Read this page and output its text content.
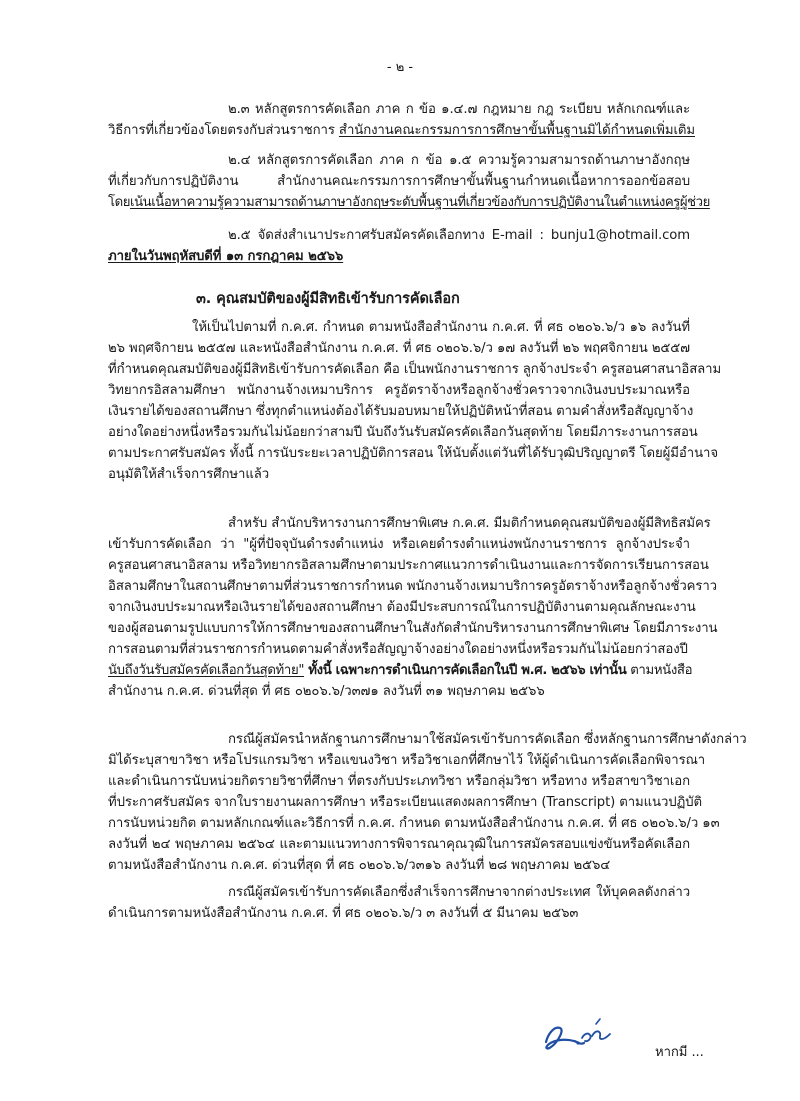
- ๒ -
๒.๓ หลักสูตรการคัดเลือก ภาค ก ข้อ ๑.๔.๗ กฎหมาย กฎ ระเบียบ หลักเกณฑ์และ
วิธีการที่เกี่ยวข้องโดยตรงกับส่วนราชการ สำนักงานคณะกรรมการการศึกษาขั้นพื้นฐานมิได้กำหนดเพิ่มเติม
๒.๔ หลักสูตรการคัดเลือก ภาค ก ข้อ ๑.๕ ความรู้ความสามารถด้านภาษาอังกฤษ
ที่เกี่ยวกับการปฏิบัติงาน สำนักงานคณะกรรมการการศึกษาขั้นพื้นฐานกำหนดเนื้อหาการออกข้อสอบ
โดยเน้นเนื้อหาความรู้ความสามารถด้านภาษาอังกฤษระดับพื้นฐานที่เกี่ยวข้องกับการปฏิบัติงานในตำแหน่งครูผู้ช่วย
๒.๕ จัดส่งสำเนาประกาศรับสมัครคัดเลือกทาง E-mail : bunju1@hotmail.com
ภายในวันพฤหัสบดีที่ ๑๓ กรกฎาคม ๒๕๖๖
๓. คุณสมบัติของผู้มีสิทธิเข้ารับการคัดเลือก
ให้เป็นไปตามที่ ก.ค.ศ. กำหนด ตามหนังสือสำนักงาน ก.ค.ศ. ที่ ศธ ๐๒๐๖.๖/ว ๑๖ ลงวันที่
๒๖ พฤศจิกายน ๒๕๕๗ และหนังสือสำนักงาน ก.ค.ศ. ที่ ศธ ๐๒๐๖.๖/ว ๑๗ ลงวันที่ ๒๖ พฤศจิกายน ๒๕๕๗
ที่กำหนดคุณสมบัติของผู้มีสิทธิเข้ารับการคัดเลือก คือ เป็นพนักงานราชการ ลูกจ้างประจำ ครูสอนศาสนาอิสลาม
วิทยากรอิสลามศึกษา พนักงานจ้างเหมาบริการ ครูอัตราจ้างหรือลูกจ้างชั่วคราวจากเงินงบประมาณหรือ
เงินรายได้ของสถานศึกษา ซึ่งทุกตำแหน่งต้องได้รับมอบหมายให้ปฏิบัติหน้าที่สอน ตามคำสั่งหรือสัญญาจ้าง
อย่างใดอย่างหนึ่งหรือรวมกันไม่น้อยกว่าสามปี นับถึงวันรับสมัครคัดเลือกวันสุดท้าย โดยมีภาระงานการสอน
ตามประกาศรับสมัคร ทั้งนี้ การนับระยะเวลาปฏิบัติการสอน ให้นับตั้งแต่วันที่ได้รับวุฒิปริญญาตรี โดยผู้มีอำนาจ
อนุมัติให้สำเร็จการศึกษาแล้ว
สำหรับ สำนักบริหารงานการศึกษาพิเศษ ก.ค.ศ. มีมติกำหนดคุณสมบัติของผู้มีสิทธิสมัคร
เข้ารับการคัดเลือก ว่า "ผู้ที่ปัจจุบันดำรงตำแหน่ง หรือเคยดำรงตำแหน่งพนักงานราชการ ลูกจ้างประจำ
ครูสอนศาสนาอิสลาม หรือวิทยากรอิสลามศึกษาตามประกาศแนวการดำเนินงานและการจัดการเรียนการสอน
อิสลามศึกษาในสถานศึกษาตามที่ส่วนราชการกำหนด พนักงานจ้างเหมาบริการครูอัตราจ้างหรือลูกจ้างชั่วคราว
จากเงินงบประมาณหรือเงินรายได้ของสถานศึกษา ต้องมีประสบการณ์ในการปฏิบัติงานตามคุณลักษณะงาน
ของผู้สอนตามรูปแบบการให้การศึกษาของสถานศึกษาในสังกัดสำนักบริหารงานการศึกษาพิเศษ โดยมีภาระงาน
การสอนตามที่ส่วนราชการกำหนดตามคำสั่งหรือสัญญาจ้างอย่างใดอย่างหนึ่งหรือรวมกันไม่น้อยกว่าสองปี
นับถึงวันรับสมัครคัดเลือกวันสุดท้าย" ทั้งนี้ เฉพาะการดำเนินการคัดเลือกในปี พ.ศ. ๒๕๖๖ เท่านั้น ตามหนังสือ
สำนักงาน ก.ค.ศ. ด่วนที่สุด ที่ ศธ ๐๒๐๖.๖/ว๓๗๑ ลงวันที่ ๓๑ พฤษภาคม ๒๕๖๖
กรณีผู้สมัครนำหลักฐานการศึกษามาใช้สมัครเข้ารับการคัดเลือก ซึ่งหลักฐานการศึกษาดังกล่าว
มิได้ระบุสาขาวิชา หรือโปรแกรมวิชา หรือแขนงวิชา หรือวิชาเอกที่ศึกษาไว้ ให้ผู้ดำเนินการคัดเลือกพิจารณา
และดำเนินการนับหน่วยกิตรายวิชาที่ศึกษา ที่ตรงกับประเภทวิชา หรือกลุ่มวิชา หรือทาง หรือสาขาวิชาเอก
ที่ประกาศรับสมัคร จากใบรายงานผลการศึกษา หรือระเบียนแสดงผลการศึกษา (Transcript) ตามแนวปฏิบัติ
การนับหน่วยกิต ตามหลักเกณฑ์และวิธีการที่ ก.ค.ศ. กำหนด ตามหนังสือสำนักงาน ก.ค.ศ. ที่ ศธ ๐๒๐๖.๖/ว ๑๓
ลงวันที่ ๒๔ พฤษภาคม ๒๕๖๔ และตามแนวทางการพิจารณาคุณวุฒิในการสมัครสอบแข่งขันหรือคัดเลือก
ตามหนังสือสำนักงาน ก.ค.ศ. ด่วนที่สุด ที่ ศธ ๐๒๐๖.๖/ว๓๑๖ ลงวันที่ ๒๘ พฤษภาคม ๒๕๖๔
กรณีผู้สมัครเข้ารับการคัดเลือกซึ่งสำเร็จการศึกษาจากต่างประเทศ ให้บุคคลดังกล่าว
ดำเนินการตามหนังสือสำนักงาน ก.ค.ศ. ที่ ศธ ๐๒๐๖.๖/ว ๓ ลงวันที่ ๕ มีนาคม ๒๕๖๓
หากมี ...
